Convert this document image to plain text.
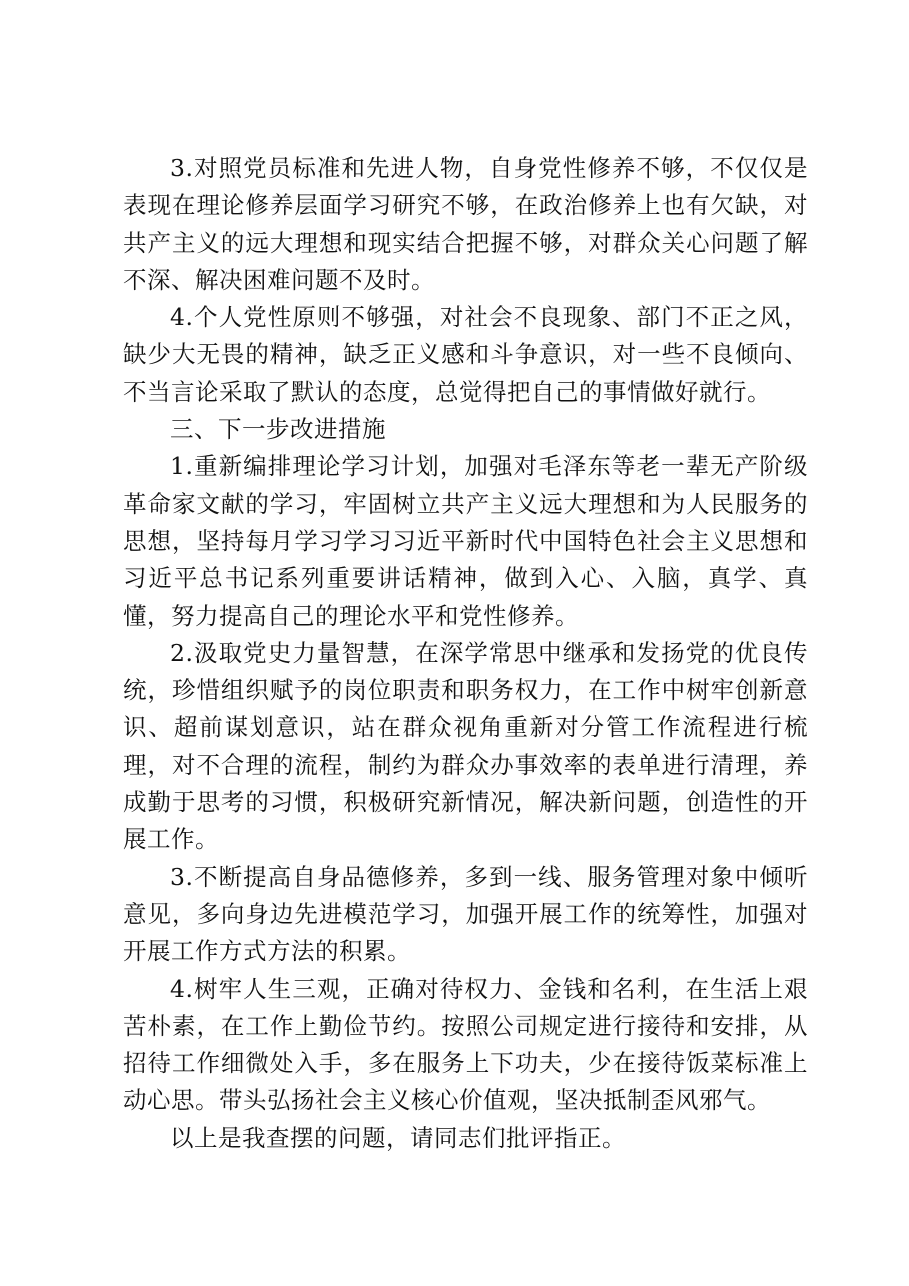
3.对照党员标准和先进人物，自身党性修养不够，不仅仅是表现在理论修养层面学习研究不够，在政治修养上也有欠缺，对共产主义的远大理想和现实结合把握不够，对群众关心问题了解不深、解决困难问题不及时。

4.个人党性原则不够强，对社会不良现象、部门不正之风，缺少大无畏的精神，缺乏正义感和斗争意识，对一些不良倾向、不当言论采取了默认的态度，总觉得把自己的事情做好就行。

三、下一步改进措施

1.重新编排理论学习计划，加强对毛泽东等老一辈无产阶级革命家文献的学习，牢固树立共产主义远大理想和为人民服务的思想，坚持每月学习学习习近平新时代中国特色社会主义思想和习近平总书记系列重要讲话精神，做到入心、入脑，真学、真懂，努力提高自己的理论水平和党性修养。

2.汲取党史力量智慧，在深学常思中继承和发扬党的优良传统，珍惜组织赋予的岗位职责和职务权力，在工作中树牢创新意识、超前谋划意识，站在群众视角重新对分管工作流程进行梳理，对不合理的流程，制约为群众办事效率的表单进行清理，养成勤于思考的习惯，积极研究新情况，解决新问题，创造性的开展工作。

3.不断提高自身品德修养，多到一线、服务管理对象中倾听意见，多向身边先进模范学习，加强开展工作的统筹性，加强对开展工作方式方法的积累。

4.树牢人生三观，正确对待权力、金钱和名利，在生活上艰苦朴素，在工作上勤俭节约。按照公司规定进行接待和安排，从招待工作细微处入手，多在服务上下功夫，少在接待饭菜标准上动心思。带头弘扬社会主义核心价值观，坚决抵制歪风邪气。

以上是我查摆的问题，请同志们批评指正。
